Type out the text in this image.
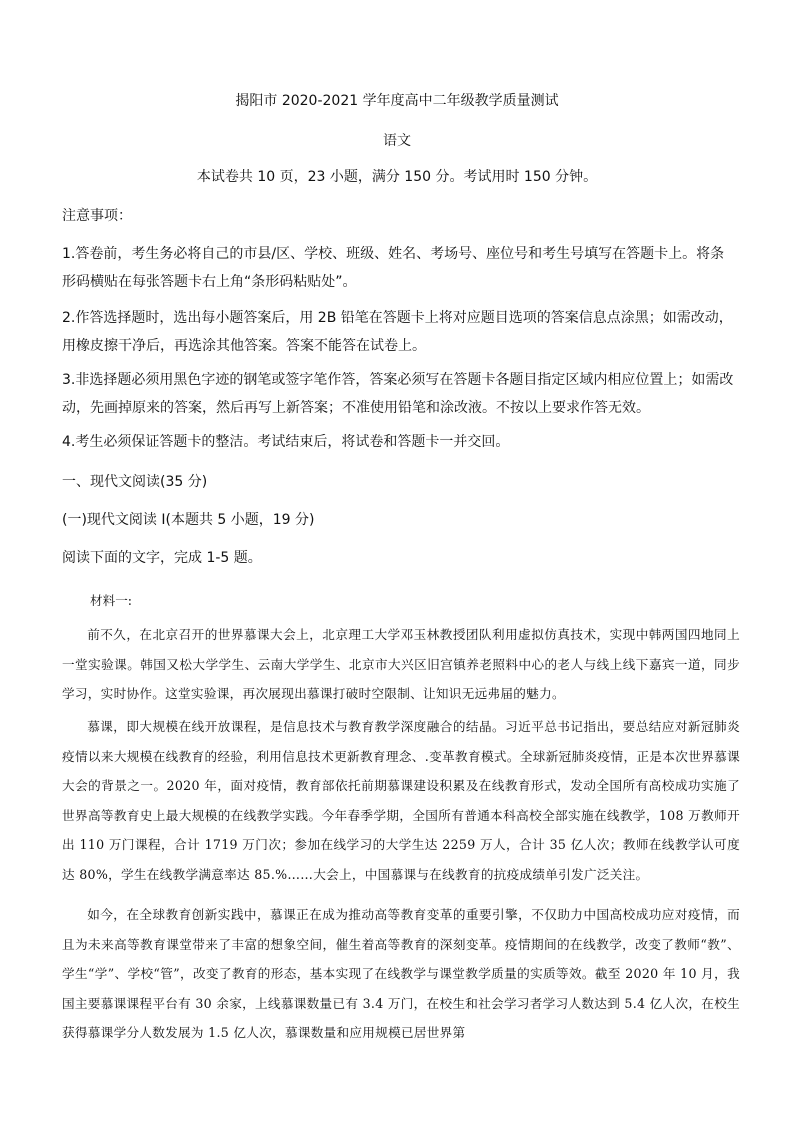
揭阳市 2020-2021 学年度高中二年级教学质量测试
语文
本试卷共 10 页，23 小题，满分 150 分。考试用时 150 分钟。
注意事项：
1.答卷前，考生务必将自己的市县/区、学校、班级、姓名、考场号、座位号和考生号填写在答题卡上。将条形码横贴在每张答题卡右上角“条形码粘贴处”。
2.作答选择题时，选出每小题答案后，用 2B 铅笔在答题卡上将对应题目选项的答案信息点涂黑；如需改动，用橡皮擦干净后，再选涂其他答案。答案不能答在试卷上。
3.非选择题必须用黑色字迹的钢笔或签字笔作答，答案必须写在答题卡各题目指定区域内相应位置上；如需改动，先画掉原来的答案，然后再写上新答案；不准使用铅笔和涂改液。不按以上要求作答无效。
4.考生必须保证答题卡的整洁。考试结束后，将试卷和答题卡一并交回。
一、现代文阅读(35 分)
(一)现代文阅读 I(本题共 5 小题，19 分)
阅读下面的文字，完成 1-5 题。
材料一:

前不久，在北京召开的世界慕课大会上，北京理工大学邓玉林教授团队利用虚拟仿真技术，实现中韩两国四地同上一堂实验课。韩国又松大学学生、云南大学学生、北京市大兴区旧宫镇养老照料中心的老人与线上线下嘉宾一道，同步学习，实时协作。这堂实验课，再次展现出慕课打破时空限制、让知识无远弗届的魅力。

慕课，即大规模在线开放课程，是信息技术与教育教学深度融合的结晶。习近平总书记指出，要总结应对新冠肺炎疫情以来大规模在线教育的经验，利用信息技术更新教育理念、.变革教育模式。全球新冠肺炎疫情，正是本次世界慕课大会的背景之一。2020 年，面对疫情，教育部依托前期慕课建设积累及在线教育形式，发动全国所有高校成功实施了世界高等教育史上最大规模的在线教学实践。今年春季学期，全国所有普通本科高校全部实施在线教学，108 万教师开出 110 万门课程，合计 1719 万门次；参加在线学习的大学生达 2259 万人，合计 35 亿人次；教师在线教学认可度达 80%，学生在线教学满意率达 85.%……大会上，中国慕课与在线教育的抗疫成绩单引发广泛关注。

如今，在全球教育创新实践中，慕课正在成为推动高等教育变革的重要引擎，不仅助力中国高校成功应对疫情，而且为未来高等教育课堂带来了丰富的想象空间，催生着高等教育的深刻变革。疫情期间的在线教学，改变了教师“教”、学生“学”、学校“管”，改变了教育的形态，基本实现了在线教学与课堂教学质量的实质等效。截至 2020 年 10 月，我国主要慕课课程平台有 30 余家，上线慕课数量已有 3.4 万门，在校生和社会学习者学习人数达到 5.4 亿人次，在校生获得慕课学分人数发展为 1.5 亿人次，慕课数量和应用规模已居世界第
